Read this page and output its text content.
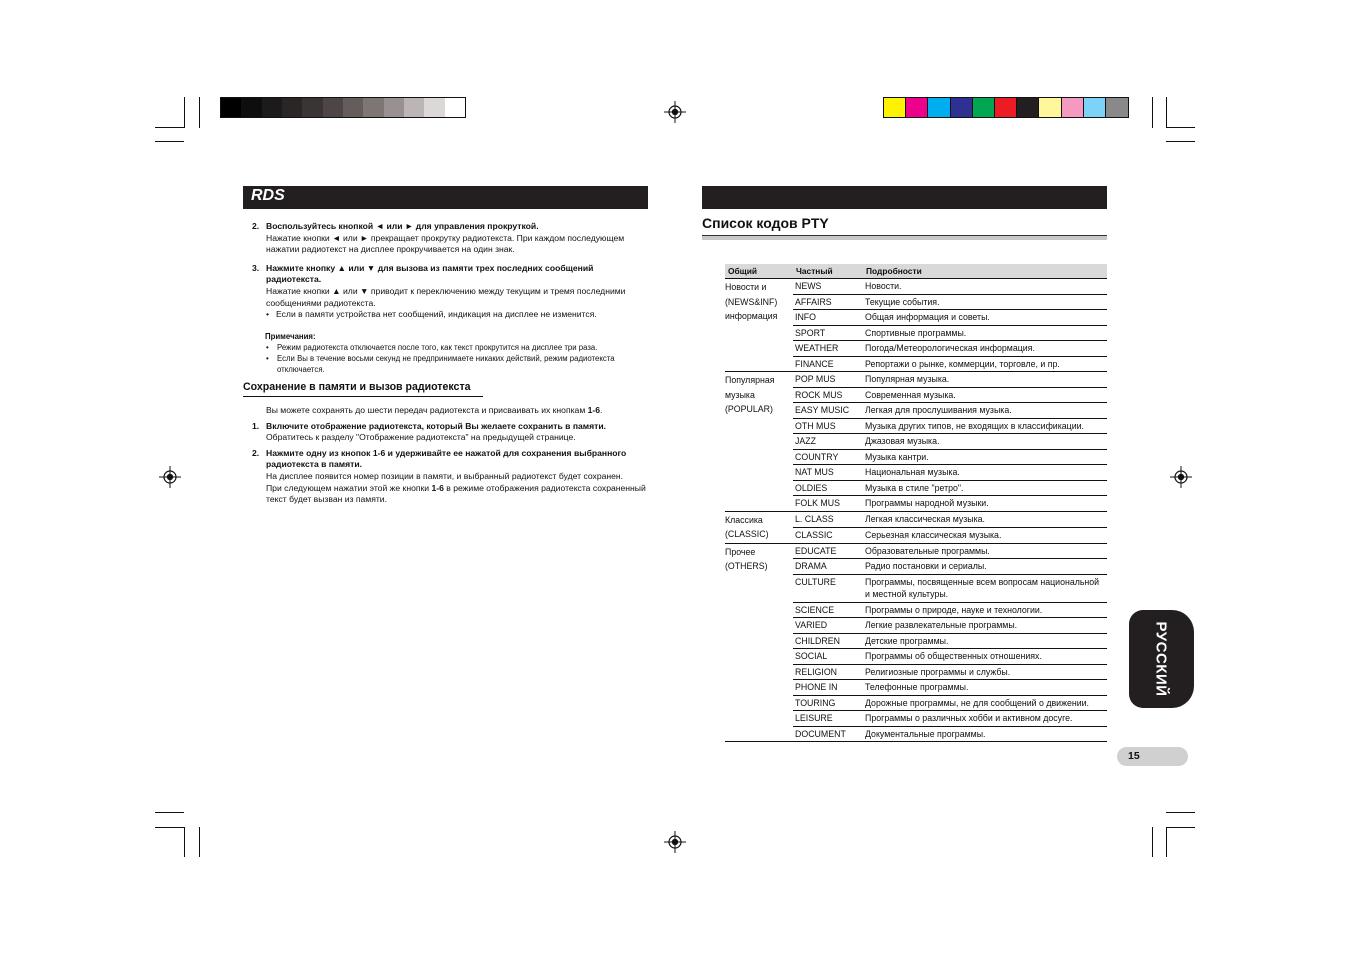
RDS
2. Воспользуйтесь кнопкой ◄ или ► для управления прокруткой.
Нажатие кнопки ◄ или ► прекращает прокрутку радиотекста. При каждом последующем нажатии радиотекст на дисплее прокручивается на один знак.
3. Нажмите кнопку ▲ или ▼ для вызова из памяти трех последних сообщений радиотекста.
Нажатие кнопки ▲ или ▼ приводит к переключению между текущим и тремя последними сообщениями радиотекста.
• Если в памяти устройства нет сообщений, индикация на дисплее не изменится.
Примечания:
• Режим радиотекста отключается после того, как текст прокрутится на дисплее три раза.
• Если Вы в течение восьми секунд не предпринимаете никаких действий, режим радиотекста отключается.
Сохранение в памяти и вызов радиотекста
Вы можете сохранять до шести передач радиотекста и присваивать их кнопкам 1-6.
1. Включите отображение радиотекста, который Вы желаете сохранить в памяти.
Обратитесь к разделу "Отображение радиотекста" на предыдущей странице.
2. Нажмите одну из кнопок 1-6 и удерживайте ее нажатой для сохранения выбранного радиотекста в памяти.
На дисплее появится номер позиции в памяти, и выбранный радиотекст будет сохранен.
При следующем нажатии этой же кнопки 1-6 в режиме отображения радиотекста сохраненный текст будет вызван из памяти.
Список кодов PTY
Общий	Частный	Подробности

Новости и
(NEWS&INF)
информация	NEWS	Новости.
	AFFAIRS	Текущие события.
	INFO	Общая информация и советы.
	SPORT	Спортивные программы.
	WEATHER	Погода/Метеорологическая информация.
	FINANCE	Репортажи о рынке, коммерции, торговле, и пр.

Популярная
музыка
(POPULAR)	POP MUS	Популярная музыка.
	ROCK MUS	Современная музыка.
	EASY MUSIC	Легкая для прослушивания музыка.
	OTH MUS	Музыка других типов, не входящих в классификации.
	JAZZ	Джазовая музыка.
	COUNTRY	Музыка кантри.
	NAT MUS	Национальная музыка.
	OLDIES	Музыка в стиле "ретро".
	FOLK MUS	Программы народной музыки.

Классика
(CLASSIC)	L. CLASS	Легкая классическая музыка.
	CLASSIC	Серьезная классическая музыка.

Прочее
(OTHERS)	EDUCATE	Образовательные программы.
	DRAMA	Радио постановки и сериалы.
	CULTURE	Программы, посвященные всем вопросам национальной и местной культуры.
	SCIENCE	Программы о природе, науке и технологии.
	VARIED	Легкие развлекательные программы.
	CHILDREN	Детские программы.
	SOCIAL	Программы об общественных отношениях.
	RELIGION	Религиозные программы и службы.
	PHONE IN	Телефонные программы.
	TOURING	Дорожные программы, не для сообщений о движении.
	LEISURE	Программы о различных хобби и активном досуге.
	DOCUMENT	Документальные программы.
РУССКИЙ
15
